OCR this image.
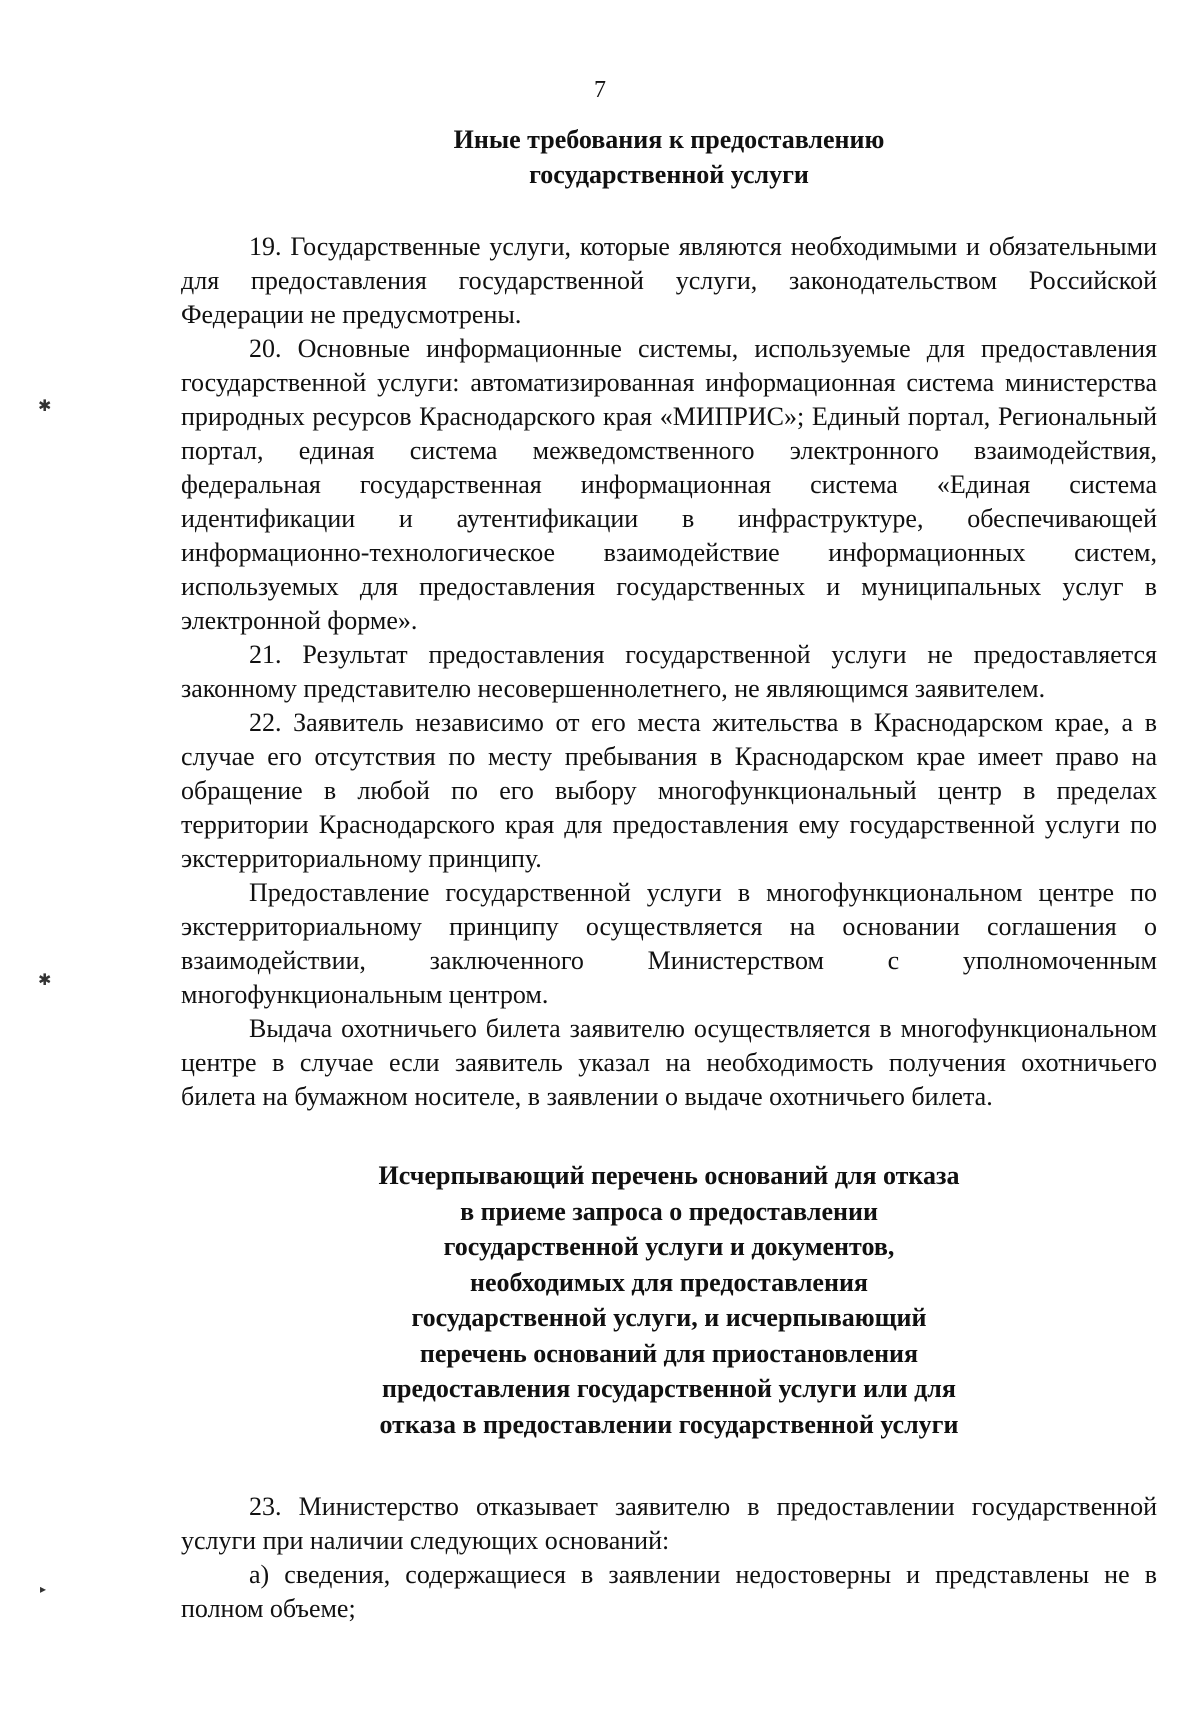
7
Иные требования к предоставлению
государственной услуги

19. Государственные услуги, которые являются необходимыми и обязательными для предоставления государственной услуги, законодательством Российской Федерации не предусмотрены.

20. Основные информационные системы, используемые для предоставления государственной услуги: автоматизированная информационная система министерства природных ресурсов Краснодарского края «МИПРИС»; Единый портал, Региональный портал, единая система межведомственного электронного взаимодействия, федеральная государственная информационная система «Единая система идентификации и аутентификации в инфраструктуре, обеспечивающей информационно-технологическое взаимодействие информационных систем, используемых для предоставления государственных и муниципальных услуг в электронной форме».

21. Результат предоставления государственной услуги не предоставляется законному представителю несовершеннолетнего, не являющимся заявителем.

22. Заявитель независимо от его места жительства в Краснодарском крае, а в случае его отсутствия по месту пребывания в Краснодарском крае имеет право на обращение в любой по его выбору многофункциональный центр в пределах территории Краснодарского края для предоставления ему государственной услуги по экстерриториальному принципу.

Предоставление государственной услуги в многофункциональном центре по экстерриториальному принципу осуществляется на основании соглашения о взаимодействии, заключенного Министерством с уполномоченным многофункциональным центром.

Выдача охотничьего билета заявителю осуществляется в многофункциональном центре в случае если заявитель указал на необходимость получения охотничьего билета на бумажном носителе, в заявлении о выдаче охотничьего билета.

Исчерпывающий перечень оснований для отказа
в приеме запроса о предоставлении
государственной услуги и документов,
необходимых для предоставления
государственной услуги, и исчерпывающий
перечень оснований для приостановления
предоставления государственной услуги или для
отказа в предоставлении государственной услуги

23. Министерство отказывает заявителю в предоставлении государственной услуги при наличии следующих оснований:

а) сведения, содержащиеся в заявлении недостоверны и представлены не в полном объеме;

✱
✱
▸
